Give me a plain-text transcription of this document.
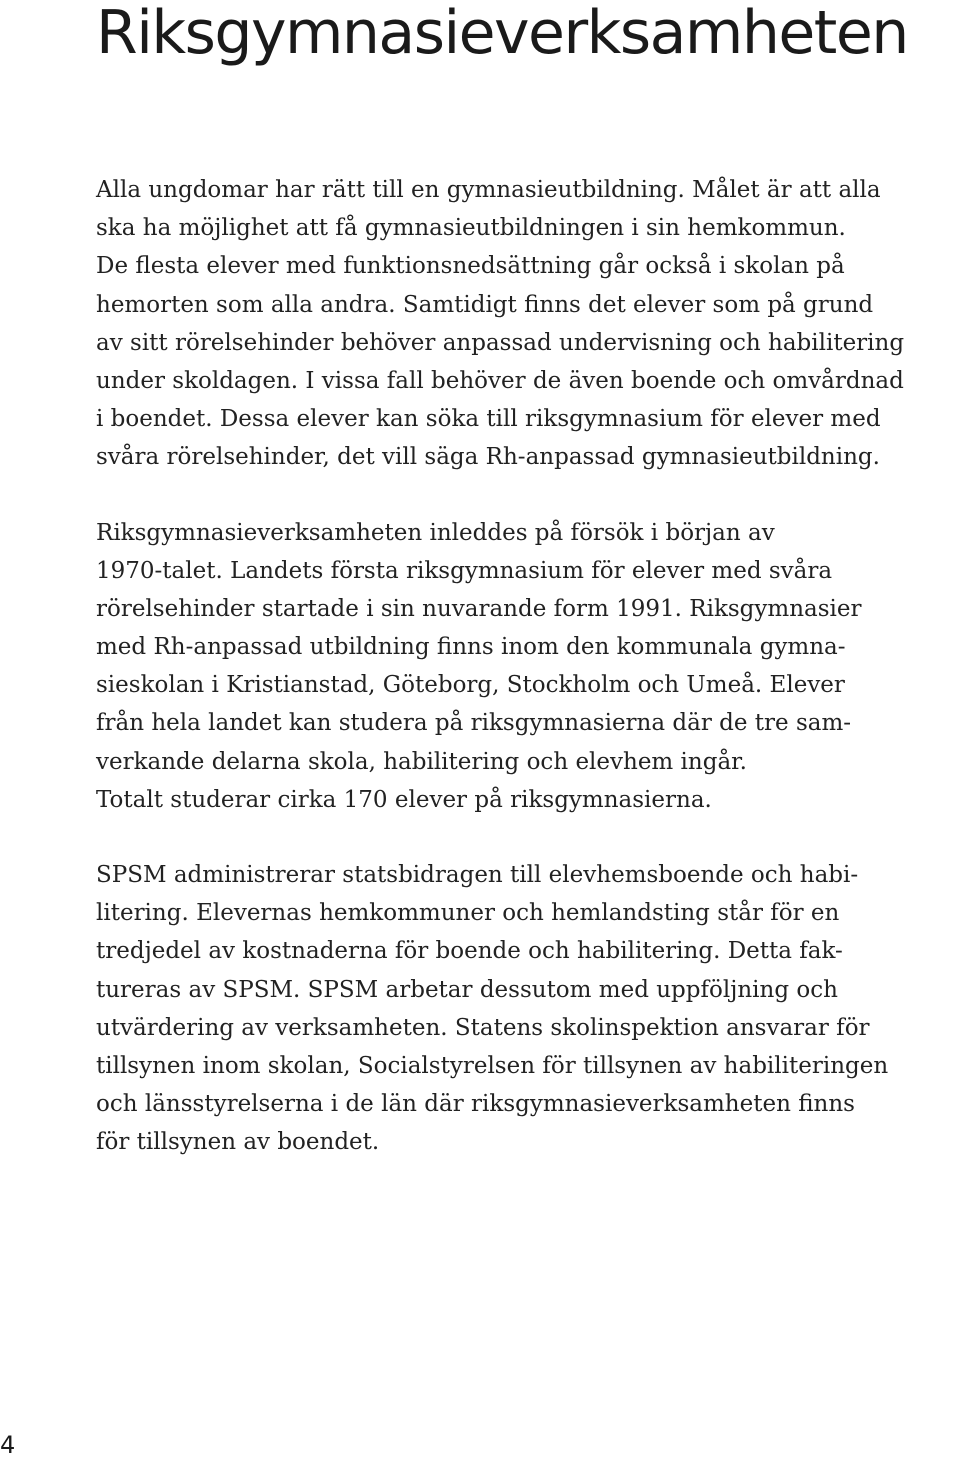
Riksgymnasieverksamheten

Alla ungdomar har rätt till en gymnasieutbildning. Målet är att alla
ska ha möjlighet att få gymnasieutbildningen i sin hemkommun.
De flesta elever med funktionsnedsättning går också i skolan på
hemorten som alla andra. Samtidigt finns det elever som på grund
av sitt rörelsehinder behöver anpassad undervisning och habilitering
under skoldagen. I vissa fall behöver de även boende och omvårdnad
i boendet. Dessa elever kan söka till riksgymnasium för elever med
svåra rörelsehinder, det vill säga Rh-anpassad gymnasieutbildning.

Riksgymnasieverksamheten inleddes på försök i början av
1970-talet. Landets första riksgymnasium för elever med svåra
rörelsehinder startade i sin nuvarande form 1991. Riksgymnasier
med Rh-anpassad utbildning finns inom den kommunala gymna-
sieskolan i Kristianstad, Göteborg, Stockholm och Umeå. Elever
från hela landet kan studera på riksgymnasierna där de tre sam-
verkande delarna skola, habilitering och elevhem ingår.
Totalt studerar cirka 170 elever på riksgymnasierna.

SPSM administrerar statsbidragen till elevhemsboende och habi-
litering. Elevernas hemkommuner och hemlandsting står för en
tredjedel av kostnaderna för boende och habilitering. Detta fak-
tureras av SPSM. SPSM arbetar dessutom med uppföljning och
utvärdering av verksamheten. Statens skolinspektion ansvarar för
tillsynen inom skolan, Socialstyrelsen för tillsynen av habiliteringen
och länsstyrelserna i de län där riksgymnasieverksamheten finns
för tillsynen av boendet.

4
